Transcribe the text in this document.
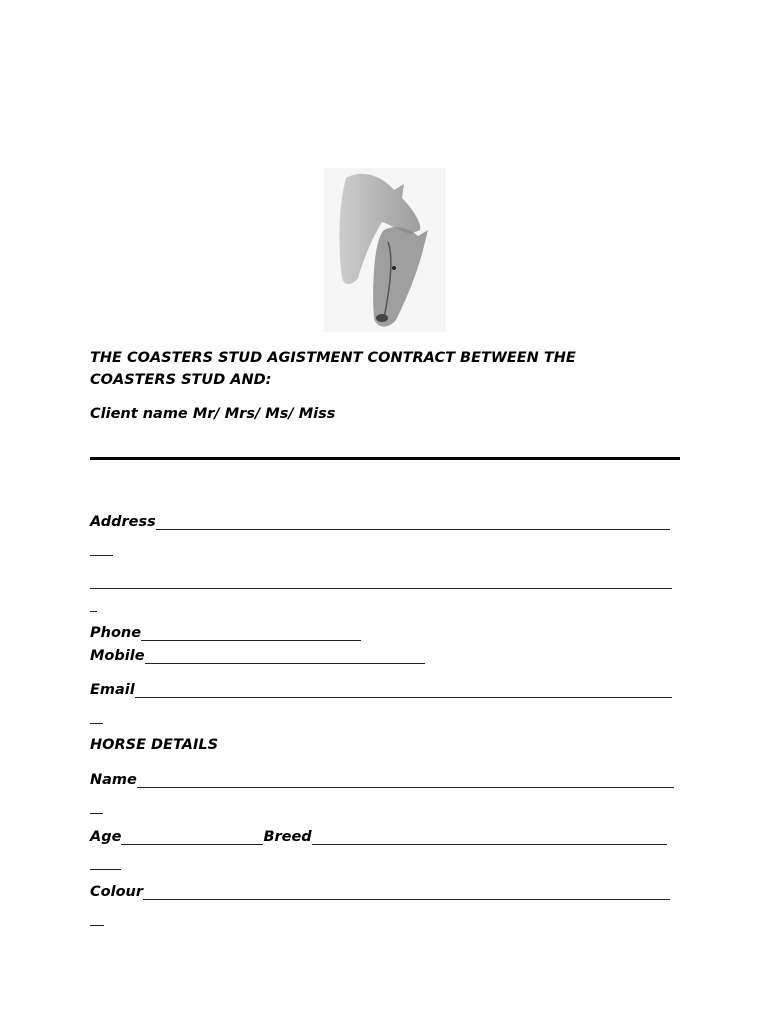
THE COASTERS STUD AGISTMENT CONTRACT BETWEEN THE
COASTERS STUD AND:
Client name Mr/ Mrs/ Ms/ Miss
Address
Phone
Mobile
Email
HORSE DETAILS
Name
Age	Breed
Colour
